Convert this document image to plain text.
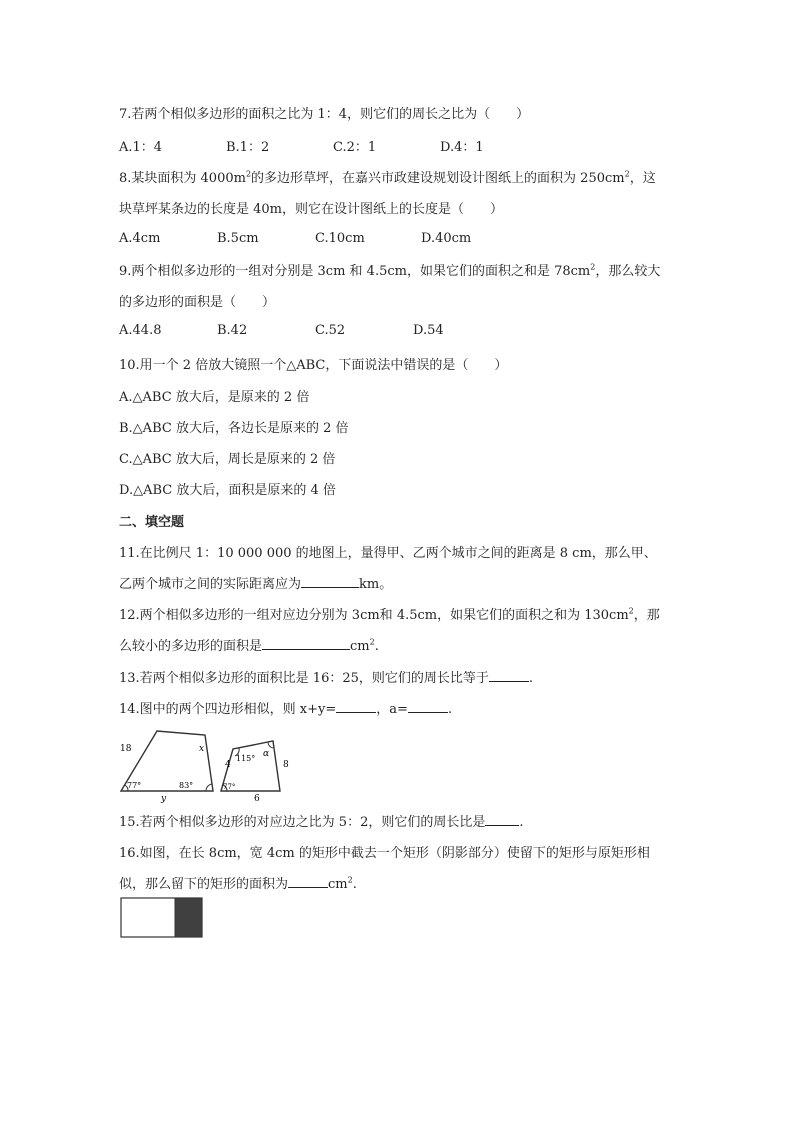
7.若两个相似多边形的面积之比为 1：4，则它们的周长之比为（　　）
A.1：4	B.1：2	C.2：1	D.4：1
8.某块面积为 $4000m^2$的多边形草坪，在嘉兴市政建设规划设计图纸上的面积为 $250cm^2$，这
块草坪某条边的长度是 40m，则它在设计图纸上的长度是（　　）
A.4cm	B.5cm	C.10cm	D.40cm
9.两个相似多边形的一组对分别是 3cm 和 4.5cm，如果它们的面积之和是 $78cm^2$，那么较大
的多边形的面积是（　　）
A.44.8	B.42	C.52	D.54
10.用一个 2 倍放大镜照一个△ABC，下面说法中错误的是（　　）
A.△ABC 放大后，是原来的 2 倍
B.△ABC 放大后，各边长是原来的 2 倍
C.△ABC 放大后，周长是原来的 2 倍
D.△ABC 放大后，面积是原来的 4 倍
二、填空题
11.在比例尺 1：10 000 000 的地图上，量得甲、乙两个城市之间的距离是 8 cm，那么甲、
乙两个城市之间的实际距离应为	km。
12.两个相似多边形的一组对应边分别为 3cm和 4.5cm，如果它们的面积之和为 $130cm^2$，那
么较小的多边形的面积是	$cm^2$.
13.若两个相似多边形的面积比是 16：25，则它们的周长比等于	.
14.图中的两个四边形相似，则 x+y=	，a=	.
18	x
y
77°	83°
4	8
6
115° α
77°
15.若两个相似多边形的对应边之比为 5：2，则它们的周长比是	.
16.如图，在长 8cm，宽 4cm 的矩形中截去一个矩形（阴影部分）使留下的矩形与原矩形相
似，那么留下的矩形的面积为	$cm^2$.
